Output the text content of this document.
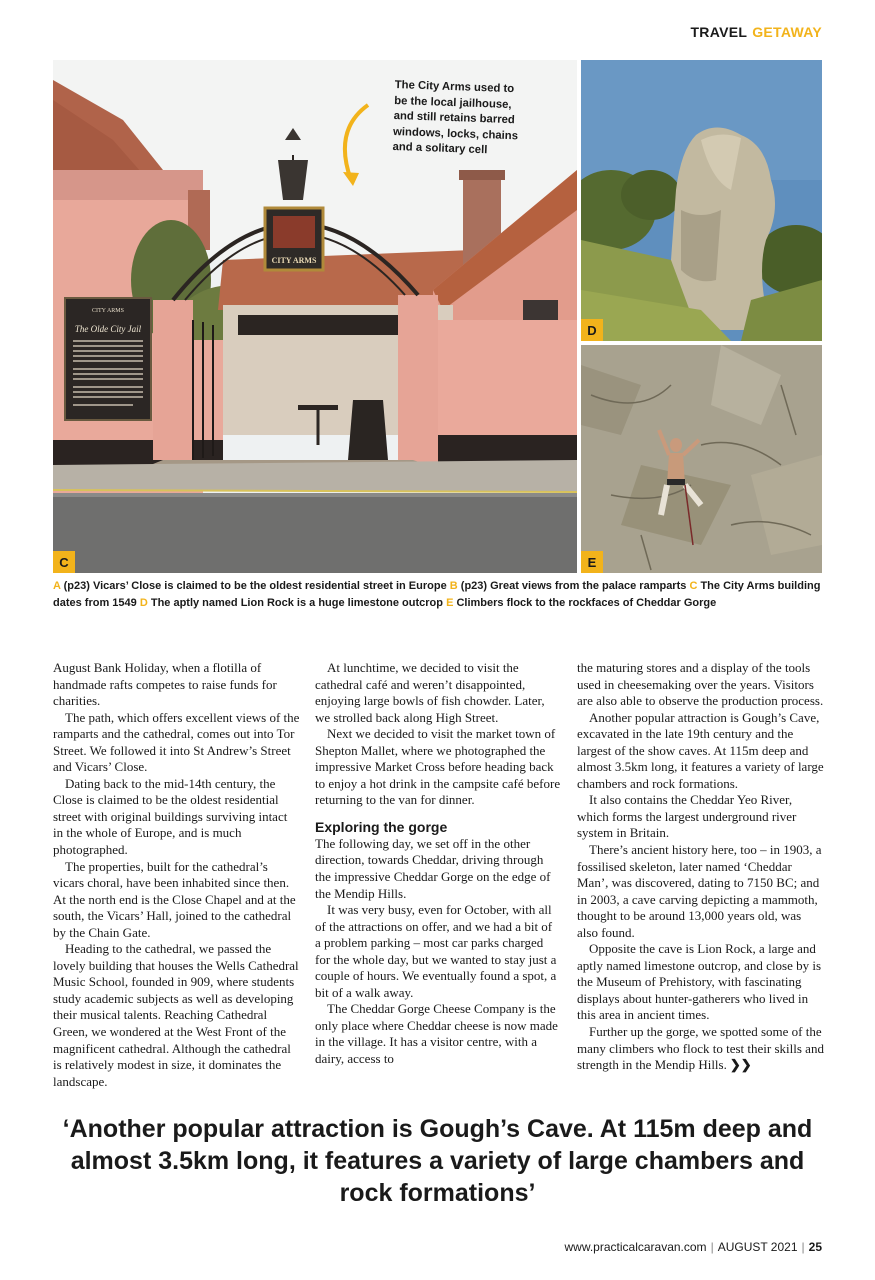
TRAVEL GETAWAY
CITY ARMS
CITY ARMS
The Olde City Jail
C
The City Arms used to be the local jailhouse, and still retains barred windows, locks, chains and a solitary cell
D
E
A (p23) Vicars’ Close is claimed to be the oldest residential street in Europe B (p23) Great views from the palace ramparts C The City Arms building dates from 1549 D The aptly named Lion Rock is a huge limestone outcrop E Climbers flock to the rockfaces of Cheddar Gorge

August Bank Holiday, when a flotilla of handmade rafts competes to raise funds for charities.

The path, which offers excellent views of the ramparts and the cathedral, comes out into Tor Street. We followed it into St Andrew’s Street and Vicars’ Close.

Dating back to the mid-14th century, the Close is claimed to be the oldest residential street with original buildings surviving intact in the whole of Europe, and is much photographed.

The properties, built for the cathedral’s vicars choral, have been inhabited since then. At the north end is the Close Chapel and at the south, the Vicars’ Hall, joined to the cathedral by the Chain Gate.

Heading to the cathedral, we passed the lovely building that houses the Wells Cathedral Music School, founded in 909, where students study academic subjects as well as developing their musical talents. Reaching Cathedral Green, we wondered at the West Front of the magnificent cathedral. Although the cathedral is relatively modest in size, it dominates the landscape.

At lunchtime, we decided to visit the cathedral café and weren’t disappointed, enjoying large bowls of fish chowder. Later, we strolled back along High Street.

Next we decided to visit the market town of Shepton Mallet, where we photographed the impressive Market Cross before heading back to enjoy a hot drink in the campsite café before returning to the van for dinner.

Exploring the gorge

The following day, we set off in the other direction, towards Cheddar, driving through the impressive Cheddar Gorge on the edge of the Mendip Hills.

It was very busy, even for October, with all of the attractions on offer, and we had a bit of a problem parking – most car parks charged for the whole day, but we wanted to stay just a couple of hours. We eventually found a spot, a bit of a walk away.

The Cheddar Gorge Cheese Company is the only place where Cheddar cheese is now made in the village. It has a visitor centre, with a dairy, access to

the maturing stores and a display of the tools used in cheesemaking over the years. Visitors are also able to observe the production process.

Another popular attraction is Gough’s Cave, excavated in the late 19th century and the largest of the show caves. At 115m deep and almost 3.5km long, it features a variety of large chambers and rock formations.

It also contains the Cheddar Yeo River, which forms the largest underground river system in Britain.

There’s ancient history here, too – in 1903, a fossilised skeleton, later named ‘Cheddar Man’, was discovered, dating to 7150 BC; and in 2003, a cave carving depicting a mammoth, thought to be around 13,000 years old, was also found.

Opposite the cave is Lion Rock, a large and aptly named limestone outcrop, and close by is the Museum of Prehistory, with fascinating displays about hunter-gatherers who lived in this area in ancient times.

Further up the gorge, we spotted some of the many climbers who flock to test their skills and strength in the Mendip Hills. ❯❯

‘Another popular attraction is Gough’s Cave. At 115m deep and almost 3.5km long, it features a variety of large chambers and rock formations’
www.practicalcaravan.com | AUGUST 2021 | 25
